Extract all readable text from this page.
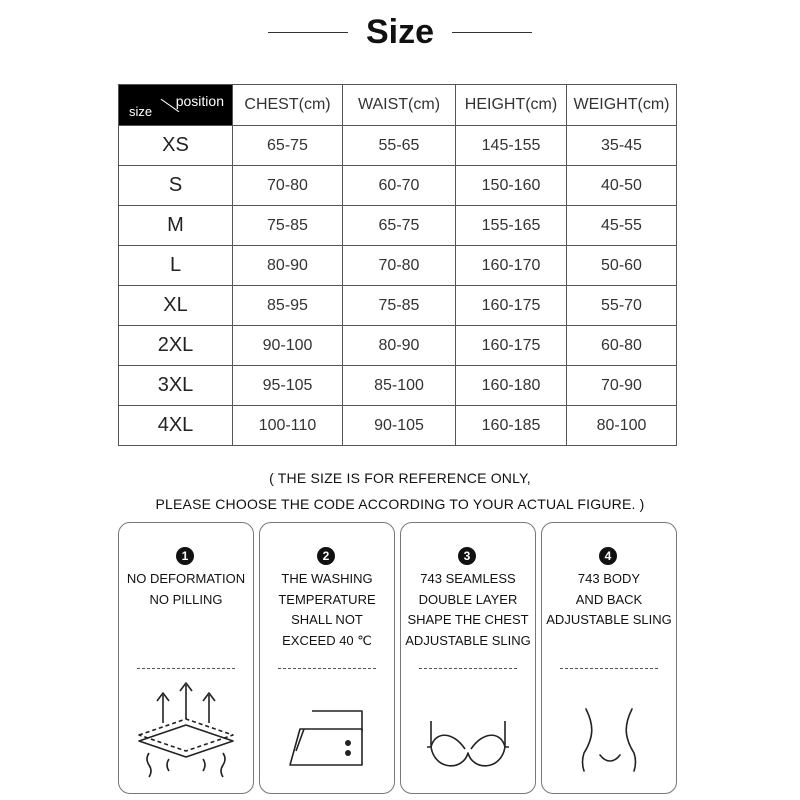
Size
size
position	CHEST(cm)	WAIST(cm)	HEIGHT(cm)	WEIGHT(cm)
XS	65-75	55-65	145-155	35-45
S	70-80	60-70	150-160	40-50
M	75-85	65-75	155-165	45-55
L	80-90	70-80	160-170	50-60
XL	85-95	75-85	160-175	55-70
2XL	90-100	80-90	160-175	60-80
3XL	95-105	85-100	160-180	70-90
4XL	100-110	90-105	160-185	80-100
( THE SIZE IS FOR REFERENCE ONLY,
PLEASE CHOOSE THE CODE ACCORDING TO YOUR ACTUAL FIGURE. )
1
NO DEFORMATION
NO PILLING
2
THE WASHING
TEMPERATURE
SHALL NOT
EXCEED 40 ℃
3
743 SEAMLESS
DOUBLE LAYER
SHAPE THE CHEST
ADJUSTABLE SLING
4
743 BODY
AND BACK
ADJUSTABLE SLING
